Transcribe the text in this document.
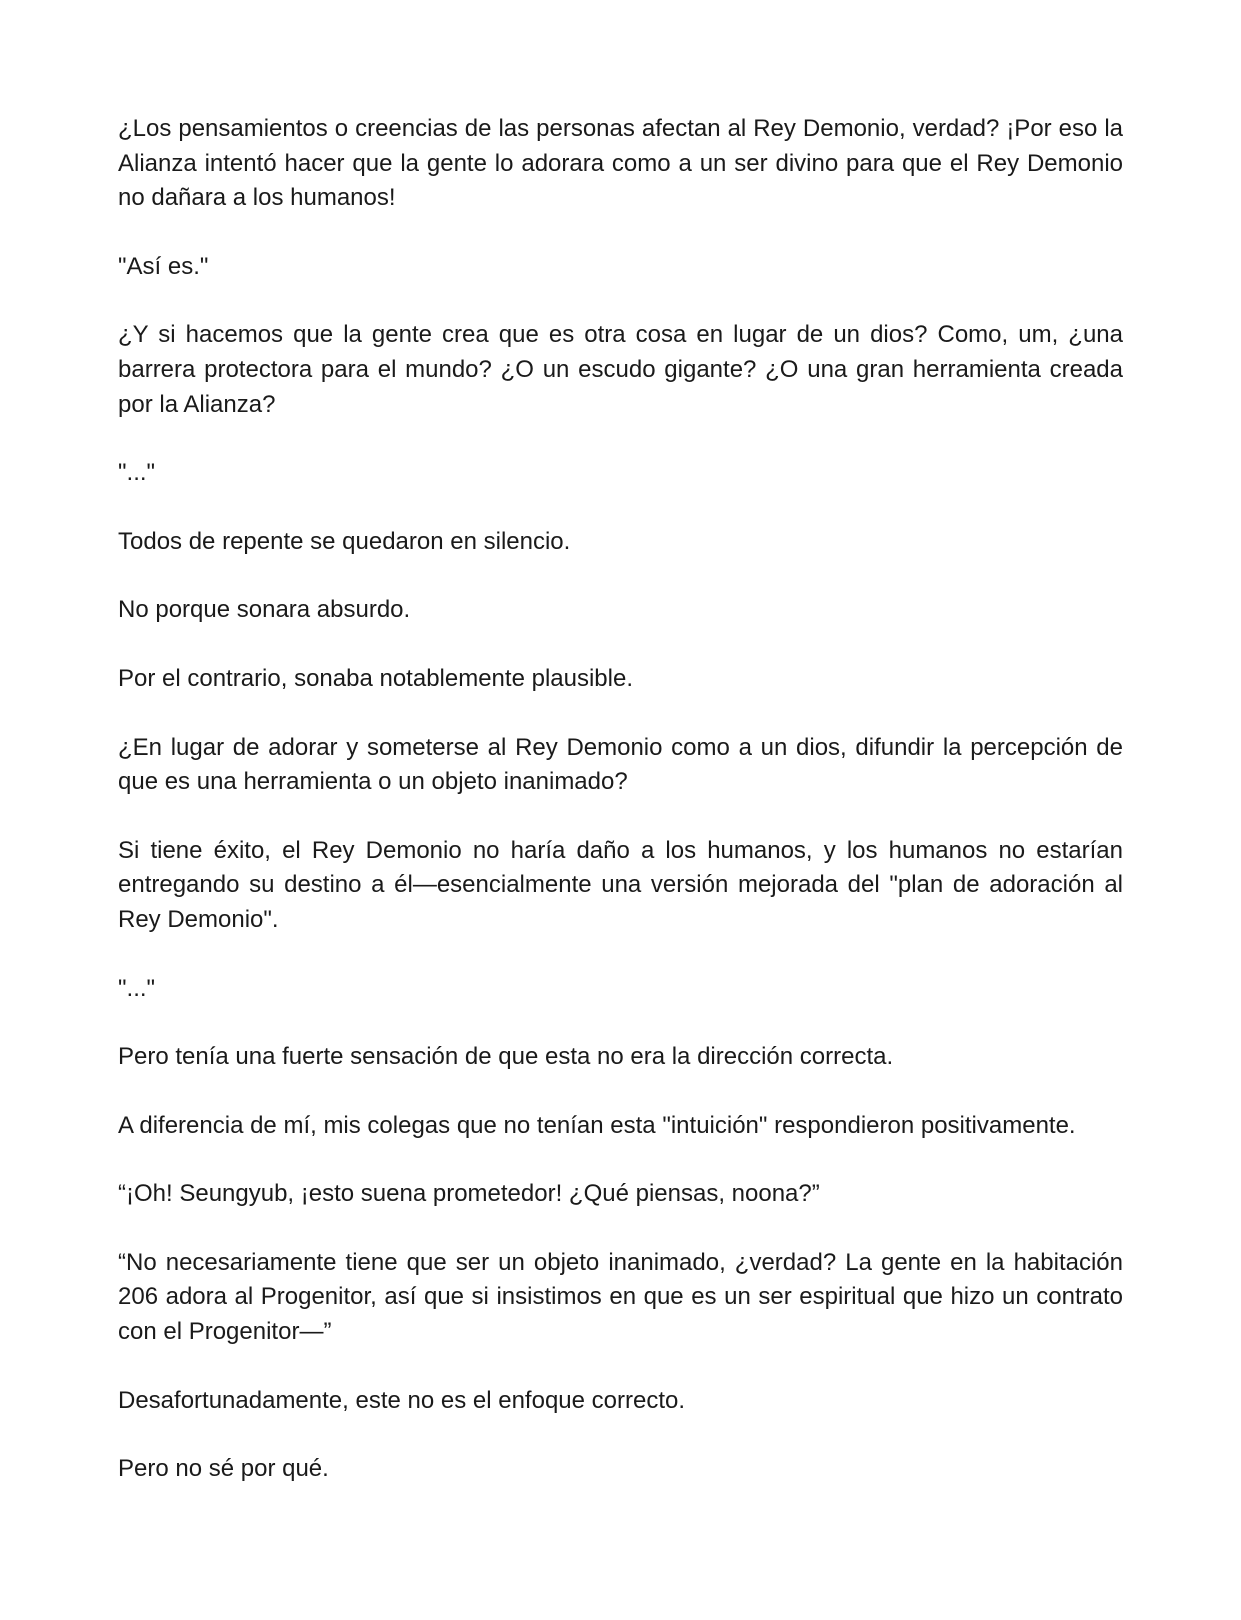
¿Los pensamientos o creencias de las personas afectan al Rey Demonio, verdad? ¡Por eso la Alianza intentó hacer que la gente lo adorara como a un ser divino para que el Rey Demonio no dañara a los humanos!

"Así es."

¿Y si hacemos que la gente crea que es otra cosa en lugar de un dios? Como, um, ¿una barrera protectora para el mundo? ¿O un escudo gigante? ¿O una gran herramienta creada por la Alianza?

"..."

Todos de repente se quedaron en silencio.

No porque sonara absurdo.

Por el contrario, sonaba notablemente plausible.

¿En lugar de adorar y someterse al Rey Demonio como a un dios, difundir la percepción de que es una herramienta o un objeto inanimado?

Si tiene éxito, el Rey Demonio no haría daño a los humanos, y los humanos no estarían entregando su destino a él—esencialmente una versión mejorada del "plan de adoración al Rey Demonio".

"..."

Pero tenía una fuerte sensación de que esta no era la dirección correcta.

A diferencia de mí, mis colegas que no tenían esta "intuición" respondieron positivamente.

“¡Oh! Seungyub, ¡esto suena prometedor! ¿Qué piensas, noona?”

“No necesariamente tiene que ser un objeto inanimado, ¿verdad? La gente en la habitación 206 adora al Progenitor, así que si insistimos en que es un ser espiritual que hizo un contrato con el Progenitor—”

Desafortunadamente, este no es el enfoque correcto.

Pero no sé por qué.
